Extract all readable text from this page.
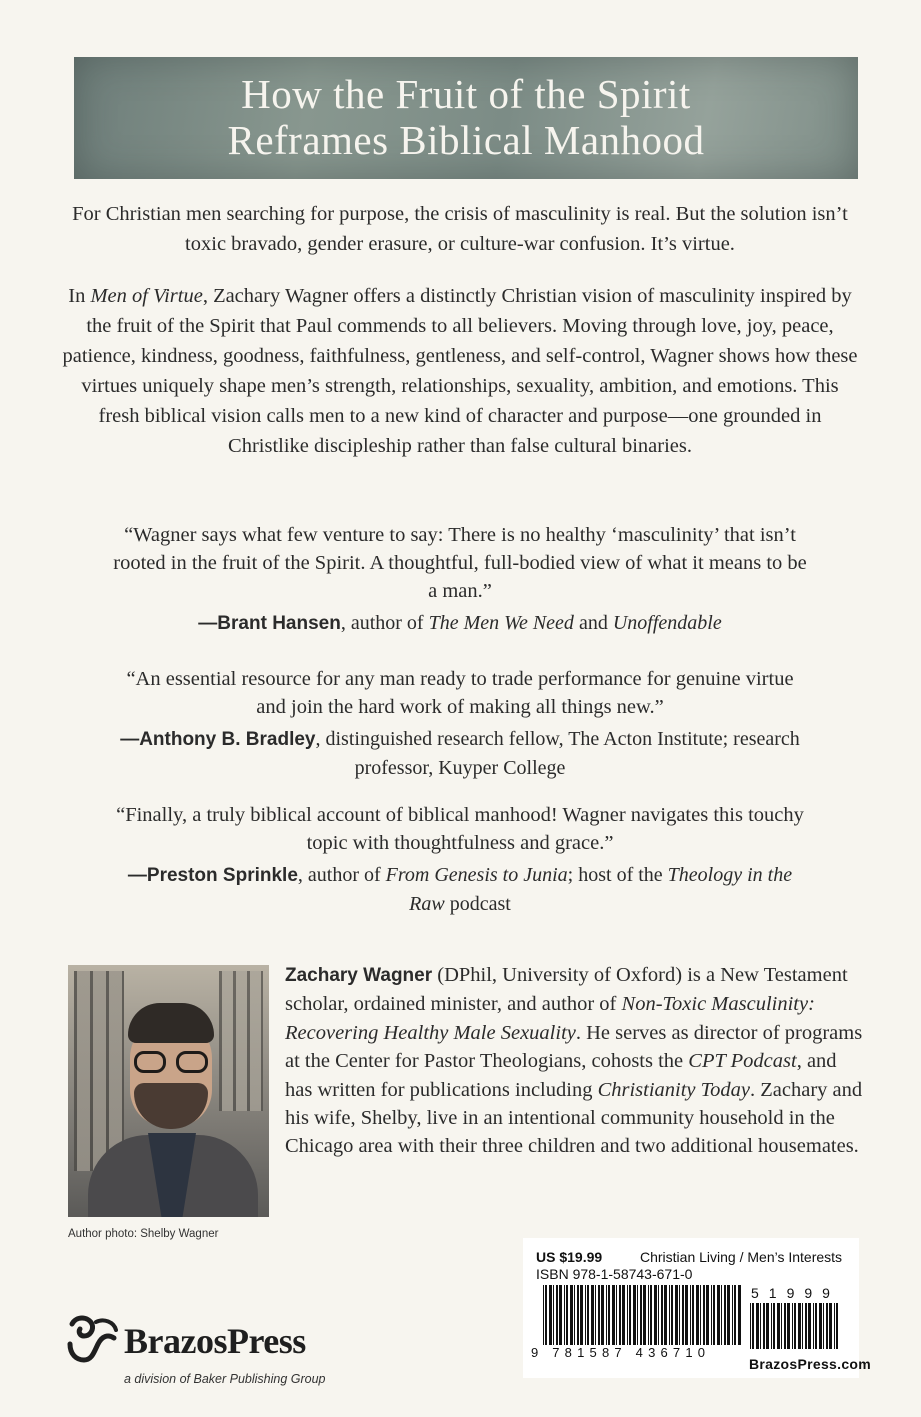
How the Fruit of the Spirit
Reframes Biblical Manhood
For Christian men searching for purpose, the crisis of masculinity is real. But the solution isn’t toxic bravado, gender erasure, or culture-war confusion. It’s virtue.
In Men of Virtue, Zachary Wagner offers a distinctly Christian vision of masculinity inspired by the fruit of the Spirit that Paul commends to all believers. Moving through love, joy, peace, patience, kindness, goodness, faithfulness, gentleness, and self-control, Wagner shows how these virtues uniquely shape men’s strength, relationships, sexuality, ambition, and emotions. This fresh biblical vision calls men to a new kind of character and purpose—one grounded in Christlike discipleship rather than false cultural binaries.
“Wagner says what few venture to say: There is no healthy ‘masculinity’ that isn’t rooted in the fruit of the Spirit. A thoughtful, full-bodied view of what it means to be a man.”
—Brant Hansen, author of The Men We Need and Unoffendable
“An essential resource for any man ready to trade performance for genuine virtue and join the hard work of making all things new.”
—Anthony B. Bradley, distinguished research fellow, The Acton Institute; research professor, Kuyper College
“Finally, a truly biblical account of biblical manhood! Wagner navigates this touchy topic with thoughtfulness and grace.”
—Preston Sprinkle, author of From Genesis to Junia; host of the Theology in the Raw podcast
Author photo: Shelby Wagner
Zachary Wagner (DPhil, University of Oxford) is a New Testament scholar, ordained minister, and author of Non-Toxic Masculinity: Recovering Healthy Male Sexuality. He serves as director of programs at the Center for Pastor Theologians, cohosts the CPT Podcast, and has written for publications including Christianity Today. Zachary and his wife, Shelby, live in an intentional community household in the Chicago area with their three children and two additional housemates.
BrazosPress
a division of Baker Publishing Group
US $19.99	Christian Living / Men’s Interests
ISBN 978-1-58743-671-0
9 781587 436710
51999
BrazosPress.com
